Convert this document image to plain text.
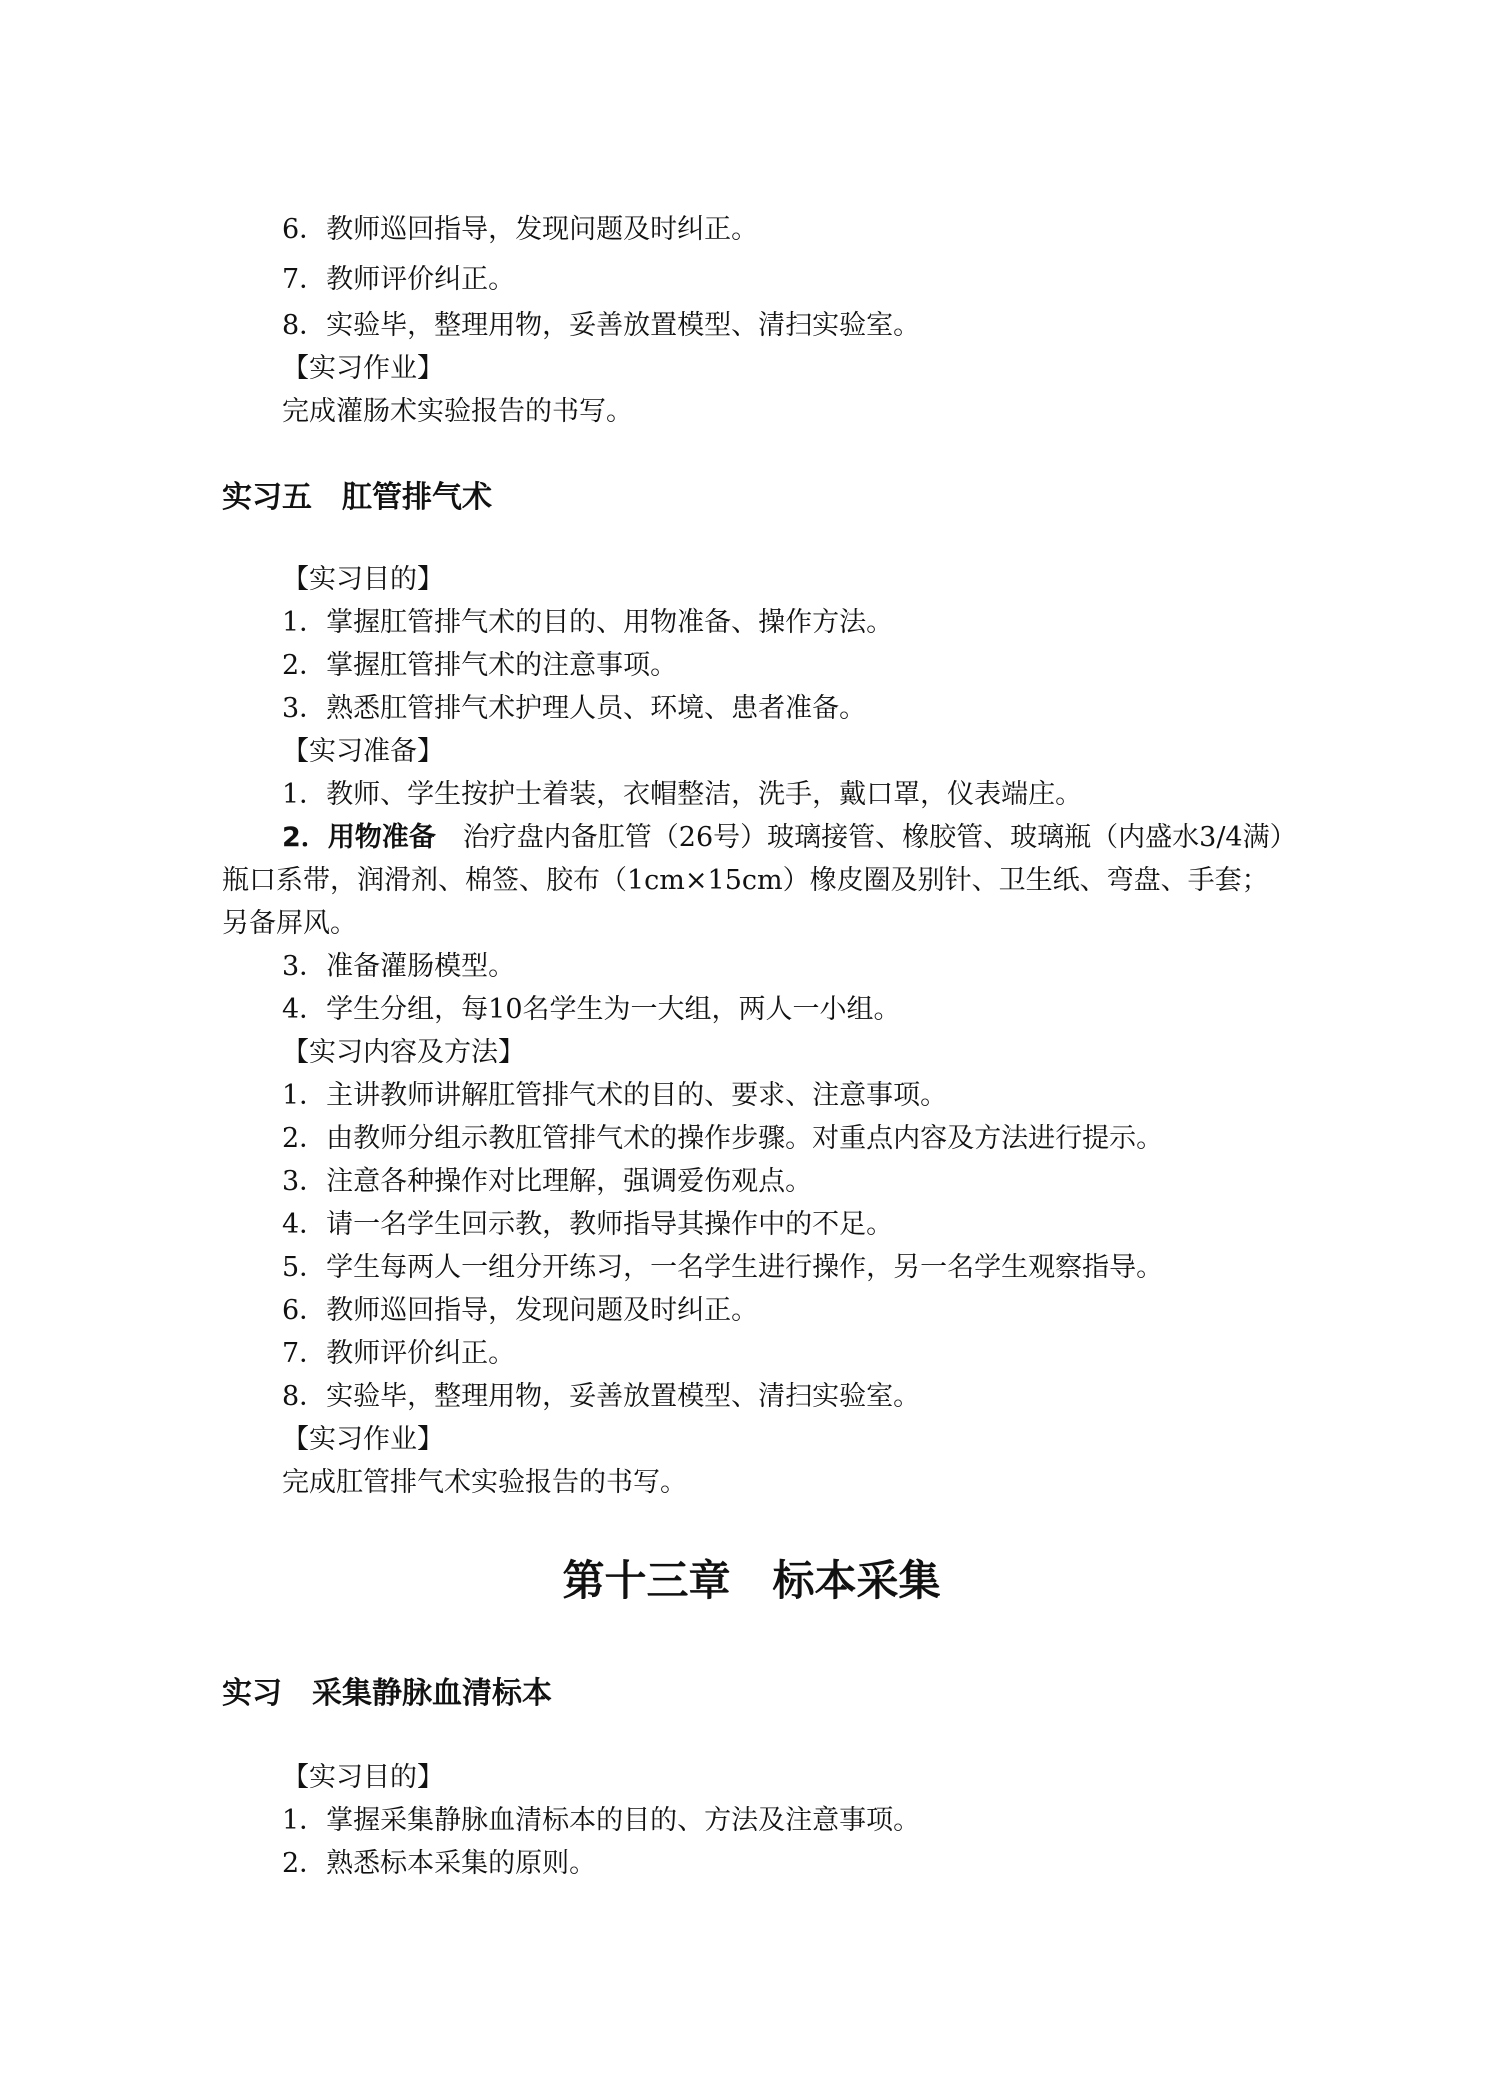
6．教师巡回指导，发现问题及时纠正。
7．教师评价纠正。
8．实验毕，整理用物，妥善放置模型、清扫实验室。
【实习作业】
完成灌肠术实验报告的书写。
实习五　肛管排气术
【实习目的】
1．掌握肛管排气术的目的、用物准备、操作方法。
2．掌握肛管排气术的注意事项。
3．熟悉肛管排气术护理人员、环境、患者准备。
【实习准备】
1．教师、学生按护士着装，衣帽整洁，洗手，戴口罩，仪表端庄。
2．用物准备　治疗盘内备肛管（26号）玻璃接管、橡胶管、玻璃瓶（内盛水3/4满）
瓶口系带，润滑剂、棉签、胶布（1cm×15cm）橡皮圈及别针、卫生纸、弯盘、手套；
另备屏风。
3．准备灌肠模型。
4．学生分组，每10名学生为一大组，两人一小组。
【实习内容及方法】
1．主讲教师讲解肛管排气术的目的、要求、注意事项。
2．由教师分组示教肛管排气术的操作步骤。对重点内容及方法进行提示。
3．注意各种操作对比理解，强调爱伤观点。
4．请一名学生回示教，教师指导其操作中的不足。
5．学生每两人一组分开练习，一名学生进行操作，另一名学生观察指导。
6．教师巡回指导，发现问题及时纠正。
7．教师评价纠正。
8．实验毕，整理用物，妥善放置模型、清扫实验室。
【实习作业】
完成肛管排气术实验报告的书写。
第十三章　标本采集
实习　采集静脉血清标本
【实习目的】
1．掌握采集静脉血清标本的目的、方法及注意事项。
2．熟悉标本采集的原则。
